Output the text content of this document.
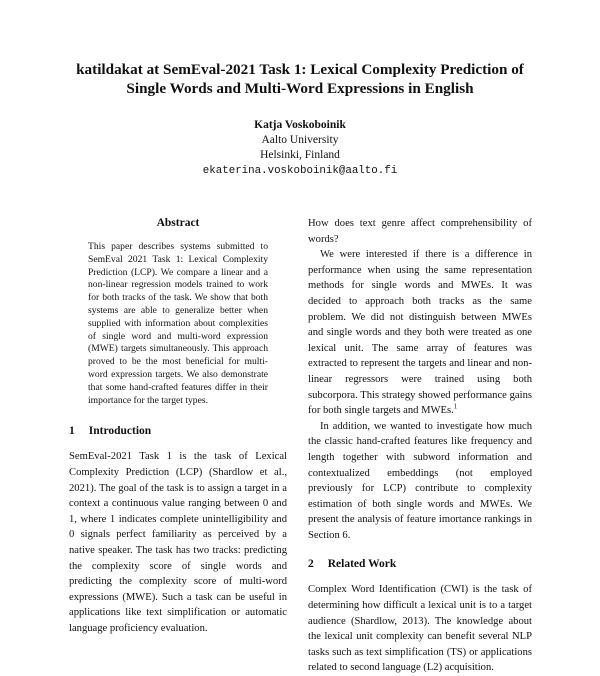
katildakat at SemEval-2021 Task 1: Lexical Complexity Prediction of
Single Words and Multi-Word Expressions in English
Katja Voskoboinik
Aalto University
Helsinki, Finland
ekaterina.voskoboinik@aalto.fi
Abstract
This paper describes systems submitted to SemEval 2021 Task 1: Lexical Complexity Prediction (LCP). We compare a linear and a non-linear regression models trained to work for both tracks of the task. We show that both systems are able to generalize better when supplied with information about complexities of single word and multi-word expression (MWE) targets simultaneously. This approach proved to be the most beneficial for multi-word expression targets. We also demonstrate that some hand-crafted features differ in their importance for the target types.
1 Introduction

SemEval-2021 Task 1 is the task of Lexical Complexity Prediction (LCP) (Shardlow et al., 2021). The goal of the task is to assign a target in a context a continuous value ranging between 0 and 1, where 1 indicates complete unintelligibility and 0 signals perfect familiarity as perceived by a native speaker. The task has two tracks: predicting the complexity score of single words and predicting the complexity score of multi-word expressions (MWE). Such a task can be useful in applications like text simplification or automatic language proficiency evaluation.

How does text genre affect comprehensibility of words?

We were interested if there is a difference in performance when using the same representation methods for single words and MWEs. It was decided to approach both tracks as the same problem. We did not distinguish between MWEs and single words and they both were treated as one lexical unit. The same array of features was extracted to represent the targets and linear and non-linear regressors were trained using both subcorpora. This strategy showed performance gains for both single targets and MWEs.$^1$

In addition, we wanted to investigate how much the classic hand-crafted features like frequency and length together with subword information and contextualized embeddings (not employed previously for LCP) contribute to complexity estimation of both single words and MWEs. We present the analysis of feature imortance rankings in Section 6.

2 Related Work

Complex Word Identification (CWI) is the task of determining how difficult a lexical unit is to a target audience (Shardlow, 2013). The knowledge about the lexical unit complexity can benefit several NLP tasks such as text simplification (TS) or applications related to second language (L2) acquisition.
